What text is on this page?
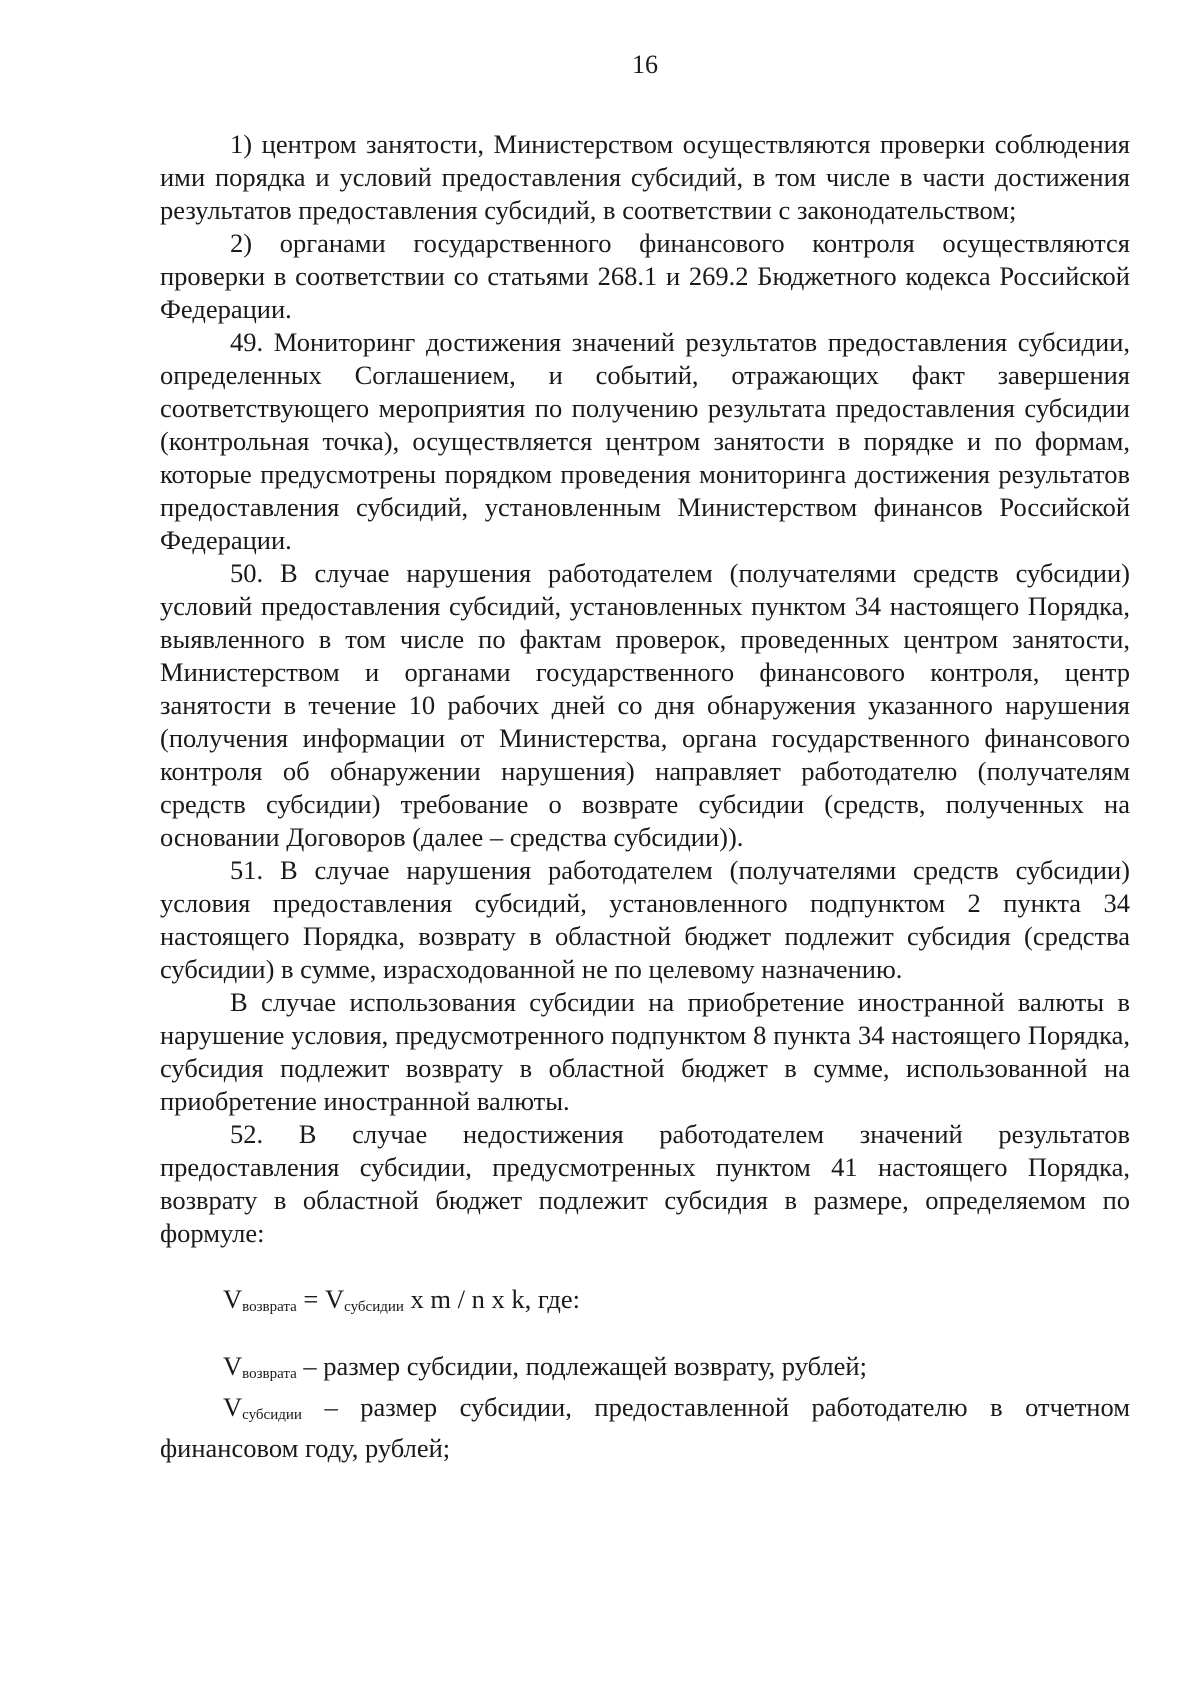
16

1) центром занятости, Министерством осуществляются проверки соблюдения ими порядка и условий предоставления субсидий, в том числе в части достижения результатов предоставления субсидий, в соответствии с законодательством;

2) органами государственного финансового контроля осуществляются проверки в соответствии со статьями 268.1 и 269.2 Бюджетного кодекса Российской Федерации.

49. Мониторинг достижения значений результатов предоставления субсидии, определенных Соглашением, и событий, отражающих факт завершения соответствующего мероприятия по получению результата предоставления субсидии (контрольная точка), осуществляется центром занятости в порядке и по формам, которые предусмотрены порядком проведения мониторинга достижения результатов предоставления субсидий, установленным Министерством финансов Российской Федерации.

50. В случае нарушения работодателем (получателями средств субсидии) условий предоставления субсидий, установленных пунктом 34 настоящего Порядка, выявленного в том числе по фактам проверок, проведенных центром занятости, Министерством и органами государственного финансового контроля, центр занятости в течение 10 рабочих дней со дня обнаружения указанного нарушения (получения информации от Министерства, органа государственного финансового контроля об обнаружении нарушения) направляет работодателю (получателям средств субсидии) требование о возврате субсидии (средств, полученных на основании Договоров (далее – средства субсидии)).

51. В случае нарушения работодателем (получателями средств субсидии) условия предоставления субсидий, установленного подпунктом 2 пункта 34 настоящего Порядка, возврату в областной бюджет подлежит субсидия (средства субсидии) в сумме, израсходованной не по целевому назначению.

В случае использования субсидии на приобретение иностранной валюты в нарушение условия, предусмотренного подпунктом 8 пункта 34 настоящего Порядка, субсидия подлежит возврату в областной бюджет в сумме, использованной на приобретение иностранной валюты.

52. В случае недостижения работодателем значений результатов предоставления субсидии, предусмотренных пунктом 41 настоящего Порядка, возврату в областной бюджет подлежит субсидия в размере, определяемом по формуле:

$V_{возврата} = V_{субсидии}$ x m / n x k, где:

$V_{возврата}$ – размер субсидии, подлежащей возврату, рублей;

$V_{субсидии}$ – размер субсидии, предоставленной работодателю в отчетном финансовом году, рублей;
